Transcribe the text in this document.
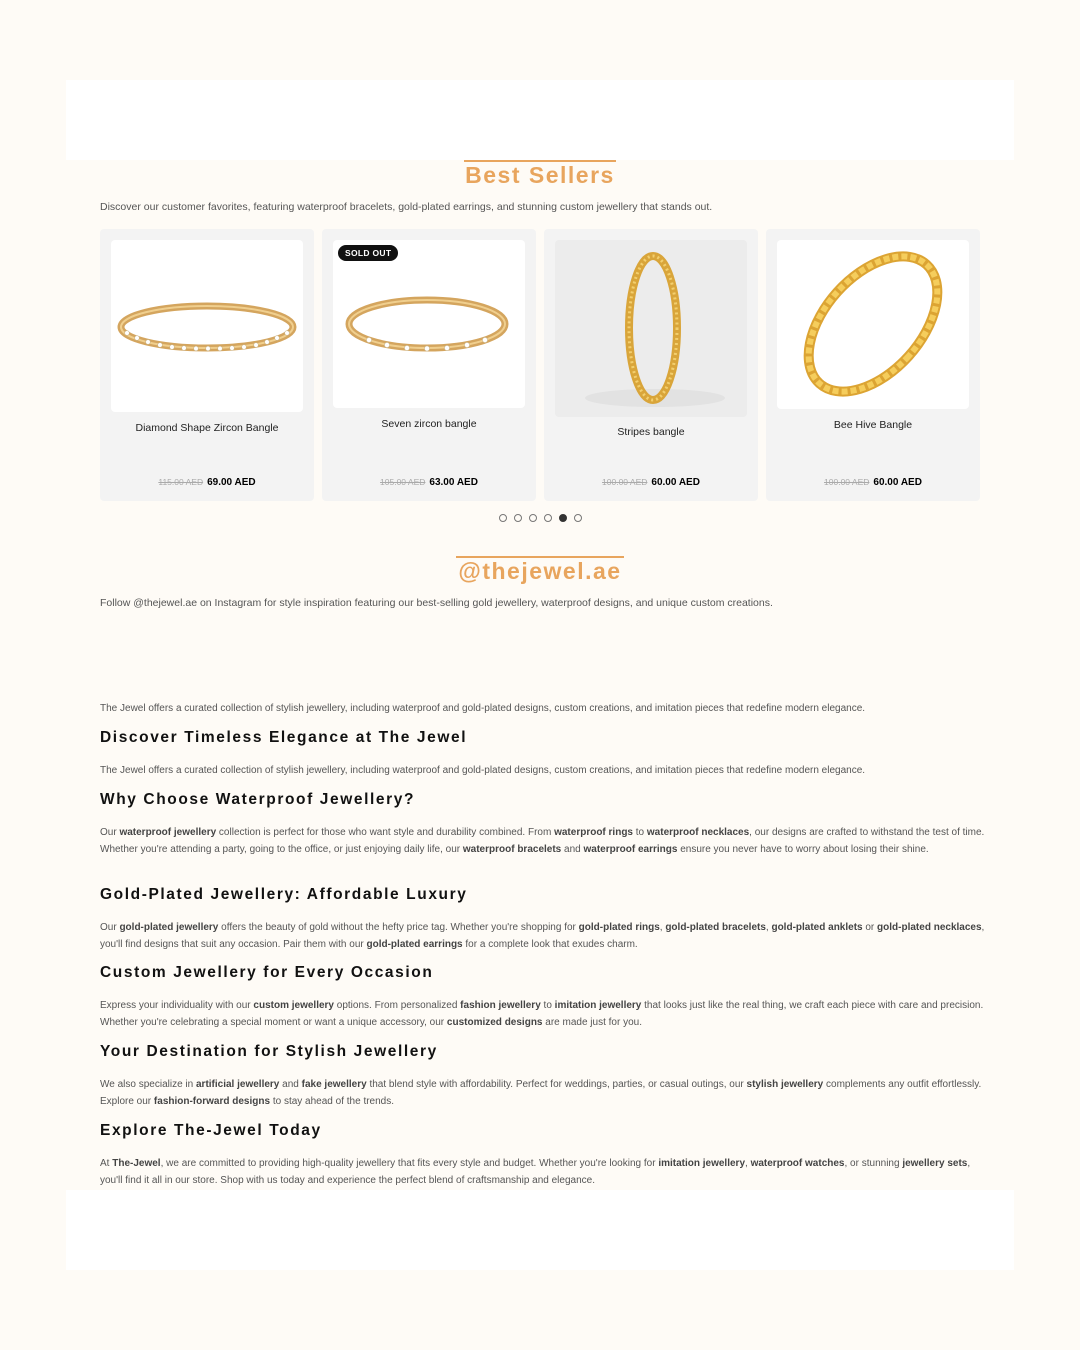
Best Sellers

Discover our customer favorites, featuring waterproof bracelets, gold-plated earrings, and stunning custom jewellery that stands out.

Diamond Shape Zircon Bangle

115.00 AED 69.00 AED

SOLD OUT

Seven zircon bangle

105.00 AED 63.00 AED

Stripes bangle

100.00 AED 60.00 AED

Bee Hive Bangle

100.00 AED 60.00 AED

@thejewel.ae

Follow @thejewel.ae on Instagram for style inspiration featuring our best-selling gold jewellery, waterproof designs, and unique custom creations.

The Jewel offers a curated collection of stylish jewellery, including waterproof and gold-plated designs, custom creations, and imitation pieces that redefine modern elegance.

Discover Timeless Elegance at The Jewel

The Jewel offers a curated collection of stylish jewellery, including waterproof and gold-plated designs, custom creations, and imitation pieces that redefine modern elegance.

Why Choose Waterproof Jewellery?

Our waterproof jewellery collection is perfect for those who want style and durability combined. From waterproof rings to waterproof necklaces, our designs are crafted to withstand the test of time. Whether you're attending a party, going to the office, or just enjoying daily life, our waterproof bracelets and waterproof earrings ensure you never have to worry about losing their shine.

Gold-Plated Jewellery: Affordable Luxury

Our gold-plated jewellery offers the beauty of gold without the hefty price tag. Whether you're shopping for gold-plated rings, gold-plated bracelets, gold-plated anklets or gold-plated necklaces, you'll find designs that suit any occasion. Pair them with our gold-plated earrings for a complete look that exudes charm.

Custom Jewellery for Every Occasion

Express your individuality with our custom jewellery options. From personalized fashion jewellery to imitation jewellery that looks just like the real thing, we craft each piece with care and precision. Whether you're celebrating a special moment or want a unique accessory, our customized designs are made just for you.

Your Destination for Stylish Jewellery

We also specialize in artificial jewellery and fake jewellery that blend style with affordability. Perfect for weddings, parties, or casual outings, our stylish jewellery complements any outfit effortlessly. Explore our fashion-forward designs to stay ahead of the trends.

Explore The-Jewel Today

At The-Jewel, we are committed to providing high-quality jewellery that fits every style and budget. Whether you're looking for imitation jewellery, waterproof watches, or stunning jewellery sets, you'll find it all in our store. Shop with us today and experience the perfect blend of craftsmanship and elegance.
